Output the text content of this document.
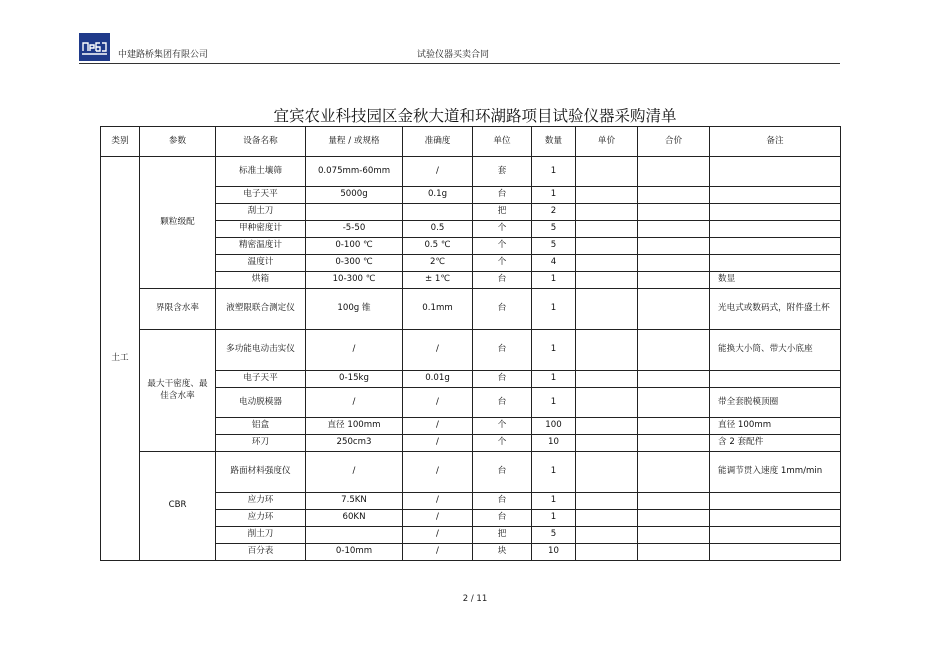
中建路桥集团有限公司	试验仪器买卖合同
宜宾农业科技园区金秋大道和环湖路项目试验仪器采购清单
类别	参数	设备名称	量程 / 或规格	准确度	单位	数量	单价	合价	备注
土工	颗粒级配	标准土壤筛	0.075mm-60mm	/	套	1			
		电子天平	5000g	0.1g	台	1			
		刮土刀			把	2			
		甲种密度计	-5-50	0.5	个	5			
		精密温度计	0-100 ℃	0.5 ℃	个	5			
		温度计	0-300 ℃	2℃	个	4			
		烘箱	10-300 ℃	± 1℃	台	1			数显
	界限含水率	液塑限联合测定仪	100g 锥	0.1mm	台	1			光电式或数码式，附件盛土杯
	最大干密度、最佳含水率	多功能电动击实仪	/	/	台	1			能换大小筒、带大小底座
		电子天平	0-15kg	0.01g	台	1			
		电动脱模器	/	/	台	1			带全套脱模顶圈
		铝盒	直径 100mm	/	个	100			直径 100mm
		环刀	250cm3	/	个	10			含 2 套配件
	CBR	路面材料强度仪	/	/	台	1			能调节贯入速度 1mm/min
		应力环	7.5KN	/	台	1			
		应力环	60KN	/	台	1			
		削土刀		/	把	5			
		百分表	0-10mm	/	块	10			
2 / 11
